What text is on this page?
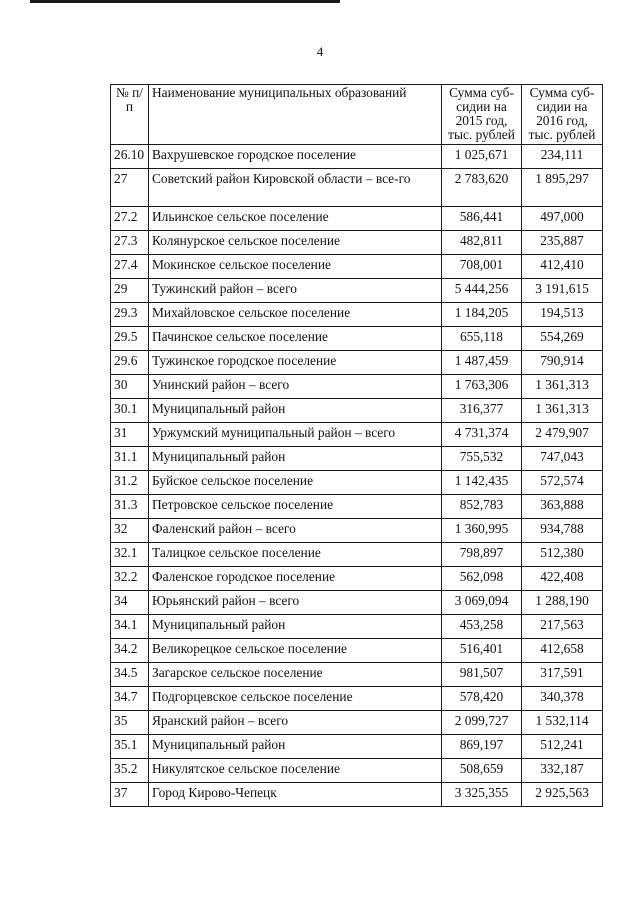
4
№ п/п	Наименование муниципальных образований	Сумма суб-сидии на 2015 год, тыс. рублей	Сумма суб-сидии на 2016 год, тыс. рублей
26.10	Вахрушевское городское поселение	1 025,671	234,111
27	Советский район Кировской области – все-го	2 783,620	1 895,297
27.2	Ильинское сельское поселение	586,441	497,000
27.3	Колянурское сельское поселение	482,811	235,887
27.4	Мокинское сельское поселение	708,001	412,410
29	Тужинский район – всего	5 444,256	3 191,615
29.3	Михайловское сельское поселение	1 184,205	194,513
29.5	Пачинское сельское поселение	655,118	554,269
29.6	Тужинское городское поселение	1 487,459	790,914
30	Унинский район – всего	1 763,306	1 361,313
30.1	Муниципальный район	316,377	1 361,313
31	Уржумский муниципальный район – всего	4 731,374	2 479,907
31.1	Муниципальный район	755,532	747,043
31.2	Буйское сельское поселение	1 142,435	572,574
31.3	Петровское сельское поселение	852,783	363,888
32	Фаленский район – всего	1 360,995	934,788
32.1	Талицкое сельское поселение	798,897	512,380
32.2	Фаленское городское поселение	562,098	422,408
34	Юрьянский район – всего	3 069,094	1 288,190
34.1	Муниципальный район	453,258	217,563
34.2	Великорецкое сельское поселение	516,401	412,658
34.5	Загарское сельское поселение	981,507	317,591
34.7	Подгорцевское сельское поселение	578,420	340,378
35	Яранский район – всего	2 099,727	1 532,114
35.1	Муниципальный район	869,197	512,241
35.2	Никулятское сельское поселение	508,659	332,187
37	Город Кирово-Чепецк	3 325,355	2 925,563
